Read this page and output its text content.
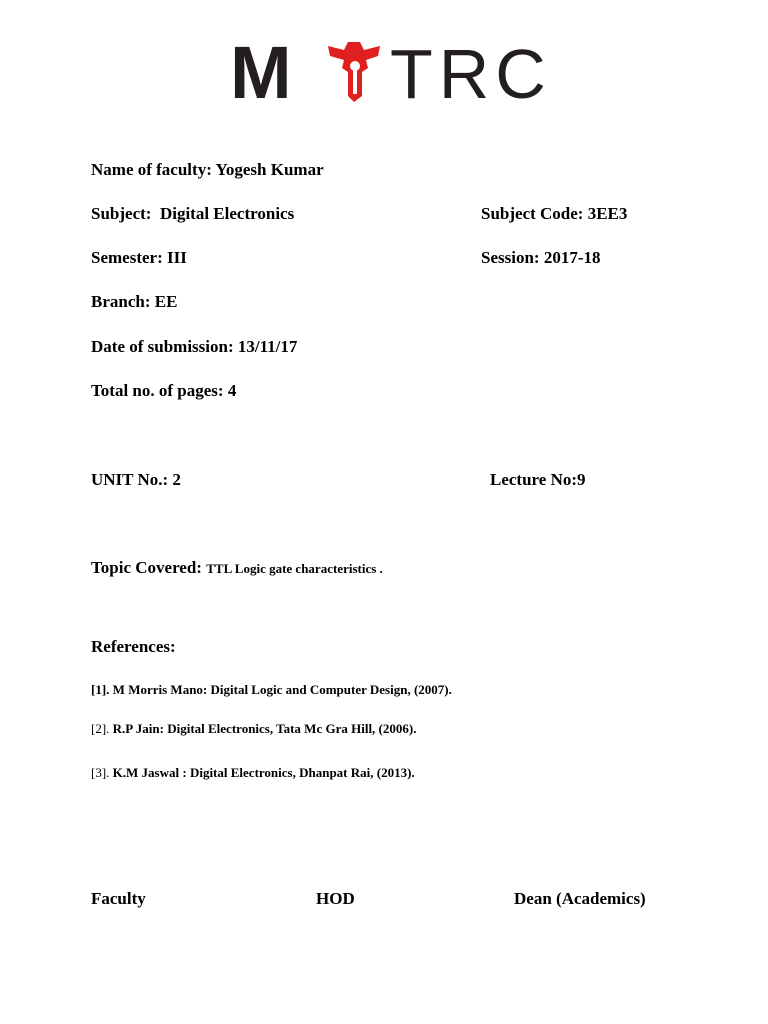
M TRC
Name of faculty: Yogesh Kumar
Subject: Digital Electronics	Subject Code: 3EE3
Semester: III	Session: 2017-18
Branch: EE
Date of submission: 13/11/17
Total no. of pages: 4
UNIT No.: 2	Lecture No:9
Topic Covered: TTL Logic gate characteristics .
References:
[1]. M Morris Mano: Digital Logic and Computer Design, (2007).
[2]. R.P Jain: Digital Electronics, Tata Mc Gra Hill, (2006).
[3]. K.M Jaswal : Digital Electronics, Dhanpat Rai, (2013).
Faculty	HOD	Dean (Academics)
